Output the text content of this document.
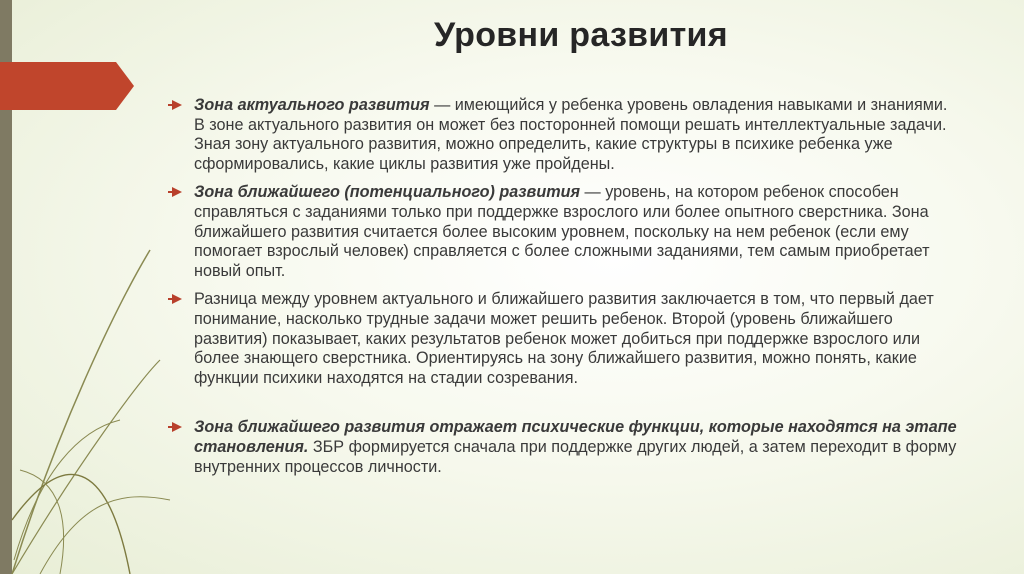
Уровни развития
Зона актуального развития — имеющийся у ребенка уровень овладения навыками и знаниями. В зоне актуального развития он может без посторонней помощи решать интеллектуальные задачи. Зная зону актуального развития, можно определить, какие структуры в психике ребенка уже сформировались, какие циклы развития уже пройдены.
Зона ближайшего (потенциального) развития — уровень, на котором ребенок способен справляться с заданиями только при поддержке взрослого или более опытного сверстника. Зона ближайшего развития считается более высоким уровнем, поскольку на нем ребенок (если ему помогает взрослый человек) справляется с более сложными заданиями, тем самым приобретает новый опыт.
Разница между уровнем актуального и ближайшего развития заключается в том, что первый дает понимание, насколько трудные задачи может решить ребенок. Второй (уровень ближайшего развития) показывает, каких результатов ребенок может добиться при поддержке взрослого или более знающего сверстника. Ориентируясь на зону ближайшего развития, можно понять, какие функции психики находятся на стадии созревания.
Зона ближайшего развития отражает психические функции, которые находятся на этапе становления. ЗБР формируется сначала при поддержке других людей, а затем переходит в форму внутренних процессов личности.
